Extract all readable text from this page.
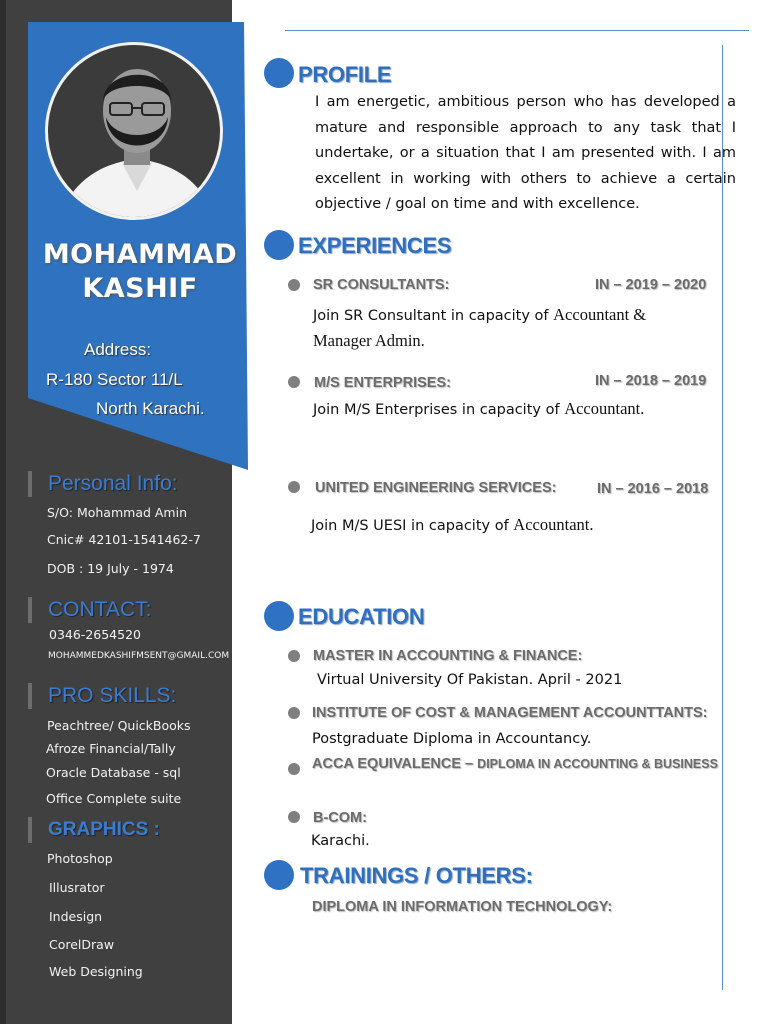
MOHAMMAD
KASHIF
Address:
R-180 Sector 11/L
North Karachi.
Personal Info:
S/O: Mohammad Amin
Cnic# 42101-1541462-7
DOB : 19 July - 1974
CONTACT:
0346-2654520
MOHAMMEDKASHIFMSENT@GMAIL.COM
PRO SKILLS:
Peachtree/ QuickBooks
Afroze Financial/Tally
Oracle Database - sql
Office Complete suite
GRAPHICS :
Photoshop
Illusrator
Indesign
CorelDraw
Web Designing
PROFILE
I am energetic, ambitious person who has developed a mature and responsible approach to any task that I undertake, or a situation that I am presented with. I am excellent in working with others to achieve a certain objective / goal on time and with excellence.
EXPERIENCES
SR CONSULTANTS:	IN – 2019 – 2020
Join SR Consultant in capacity of Accountant &
Manager Admin.
M/S ENTERPRISES:	IN – 2018 – 2019
Join M/S Enterprises in capacity of Accountant.
UNITED ENGINEERING SERVICES:	IN – 2016 – 2018
Join M/S UESI in capacity of Accountant.
EDUCATION
MASTER IN ACCOUNTING & FINANCE:
Virtual University Of Pakistan. April - 2021
INSTITUTE OF COST & MANAGEMENT ACCOUNTTANTS:
Postgraduate Diploma in Accountancy.
ACCA EQUIVALENCE – DIPLOMA IN ACCOUNTING & BUSINESS
B-COM:
Karachi.
TRAININGS / OTHERS:
DIPLOMA IN INFORMATION TECHNOLOGY:
